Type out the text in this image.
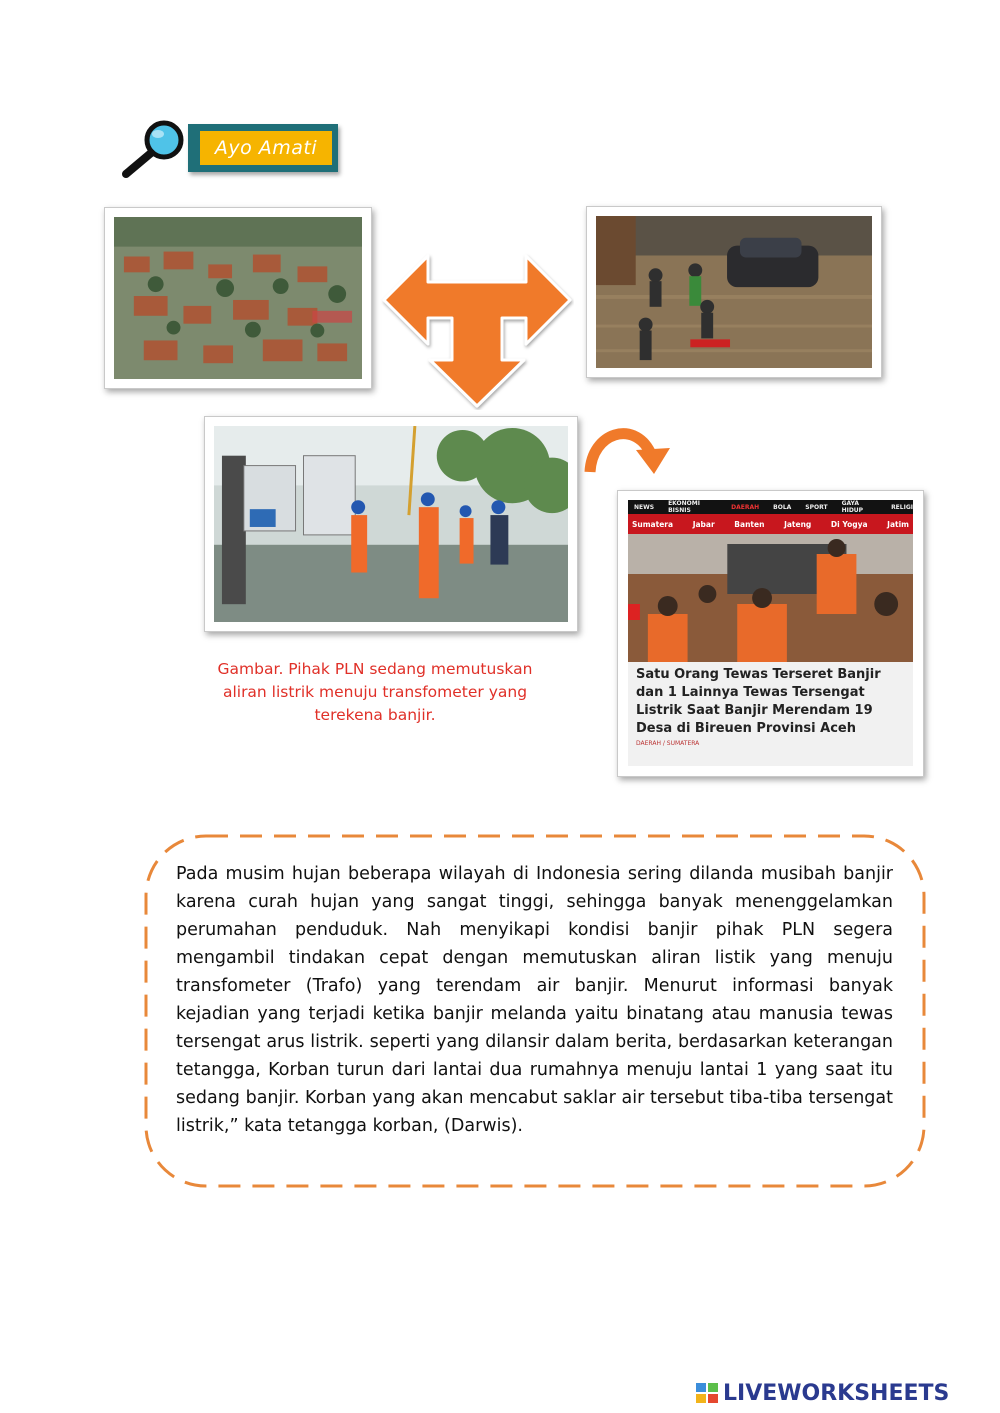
Ayo Amati
Gambar. Pihak PLN sedang memutuskan aliran listrik menuju transfometer yang terekena banjir.
NEWS EKONOMI BISNIS	DAERAH BOLA SPORT GAYA HIDUP	RELIGI
Sumatera	Jabar	Banten	Jateng	Di Yogya	Jatim
Satu Orang Tewas Terseret Banjir dan 1 Lainnya Tewas Tersengat Listrik Saat Banjir Merendam 19 Desa di Bireuen Provinsi Aceh
DAERAH / SUMATERA
Pada musim hujan beberapa wilayah di Indonesia sering dilanda musibah banjir karena curah hujan yang sangat tinggi, sehingga banyak menenggelamkan perumahan penduduk. Nah menyikapi kondisi banjir pihak PLN segera mengambil tindakan cepat dengan memutuskan aliran listik yang menuju transfometer (Trafo) yang terendam air banjir. Menurut informasi banyak kejadian yang terjadi ketika banjir melanda yaitu binatang atau manusia tewas tersengat arus listrik. seperti yang dilansir dalam berita, berdasarkan keterangan tetangga, Korban turun dari lantai dua rumahnya menuju lantai 1 yang saat itu sedang banjir. Korban yang akan mencabut saklar air tersebut tiba-tiba tersengat listrik,” kata tetangga korban, (Darwis).
LIVEWORKSHEETS
